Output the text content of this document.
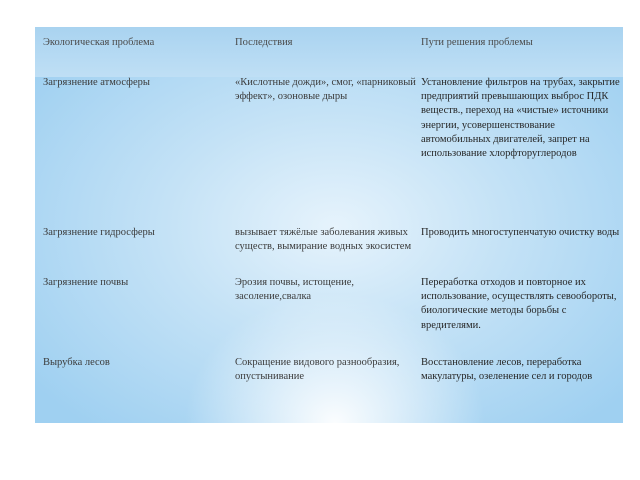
Экологическая проблема	Последствия	Пути решения проблемы
Загрязнение атмосферы	«Кислотные дожди», смог, «парниковый эффект», озоновые дыры	Установление фильтров на трубах, закрытие предприятий превышающих выброс ПДК веществ., переход на «чистые» источники энергии, усовершенствование автомобильных двигателей, запрет на использование хлорфторуглеродов
Загрязнение гидросферы	вызывает тяжёлые заболевания живых существ, вымирание водных экосистем	Проводить многоступенчатую очистку воды
Загрязнение почвы	Эрозия почвы, истощение, засоление,свалка	Переработка отходов и повторное их использование, осуществлять севообороты, биологические методы борьбы с вредителями.
Вырубка лесов	Сокращение видового разнообразия, опустынивание	Восстановление лесов, переработка макулатуры, озеленение сел и городов
